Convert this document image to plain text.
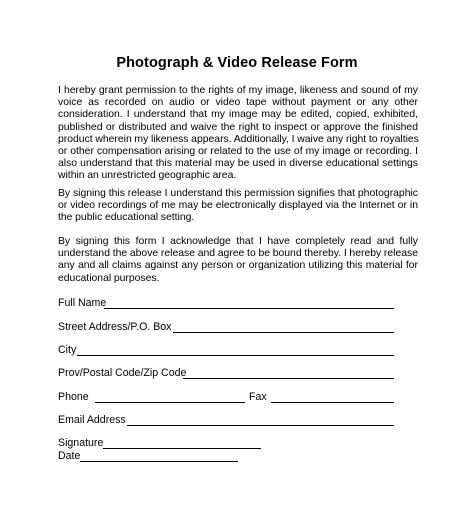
Photograph & Video Release Form
I hereby grant permission to the rights of my image, likeness and sound of my
voice as recorded on audio or video tape without payment or any other
consideration. I understand that my image may be edited, copied, exhibited,
published or distributed and waive the right to inspect or approve the finished
product wherein my likeness appears. Additionally, I waive any right to royalties
or other compensation arising or related to the use of my image or recording. I
also understand that this material may be used in diverse educational settings
within an unrestricted geographic area.
By signing this release I understand this permission signifies that photographic
or video recordings of me may be electronically displayed via the Internet or in
the public educational setting.
By signing this form I acknowledge that I have completely read and fully
understand the above release and agree to be bound thereby. I hereby release
any and all claims against any person or organization utilizing this material for
educational purposes.
Full Name
Street Address/P.O. Box
City
Prov/Postal Code/Zip Code
Phone	Fax
Email Address
Signature
Date
